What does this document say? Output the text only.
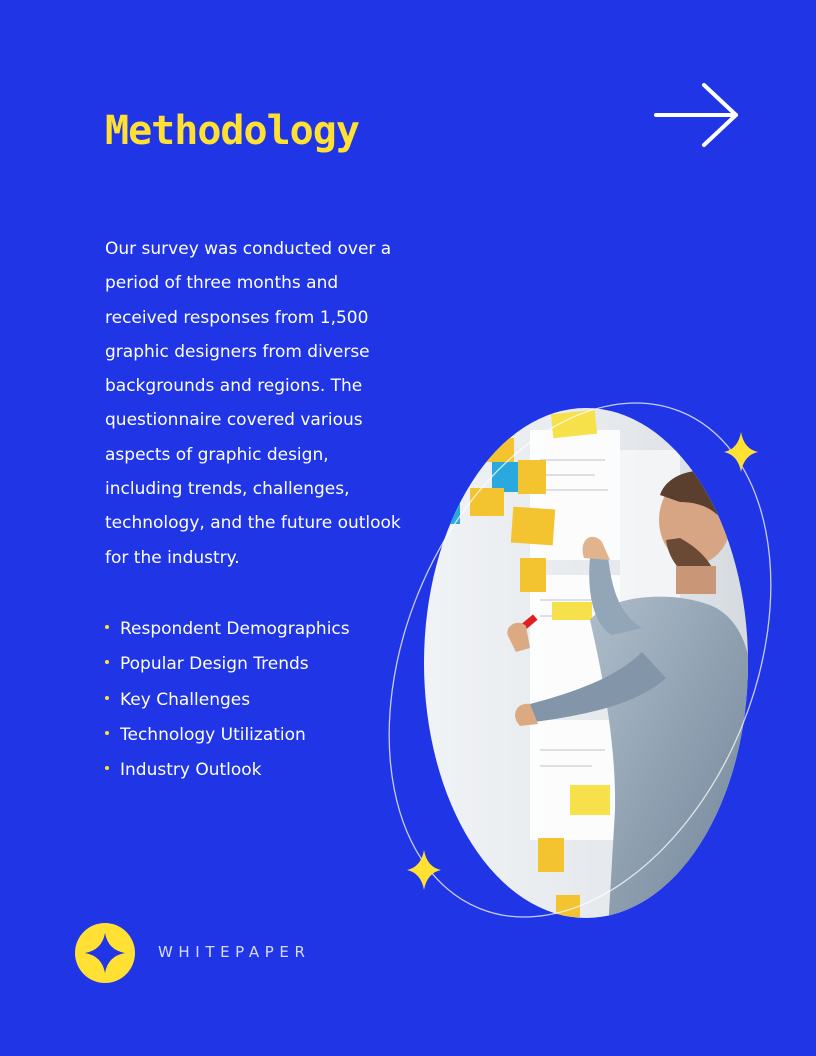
Methodology

Our survey was conducted over a period of three months and received responses from 1,500 graphic designers from diverse backgrounds and regions. The questionnaire covered various aspects of graphic design, including trends, challenges, technology, and the future outlook for the industry.

Respondent Demographics
Popular Design Trends
Key Challenges
Technology Utilization
Industry Outlook
WHITEPAPER
